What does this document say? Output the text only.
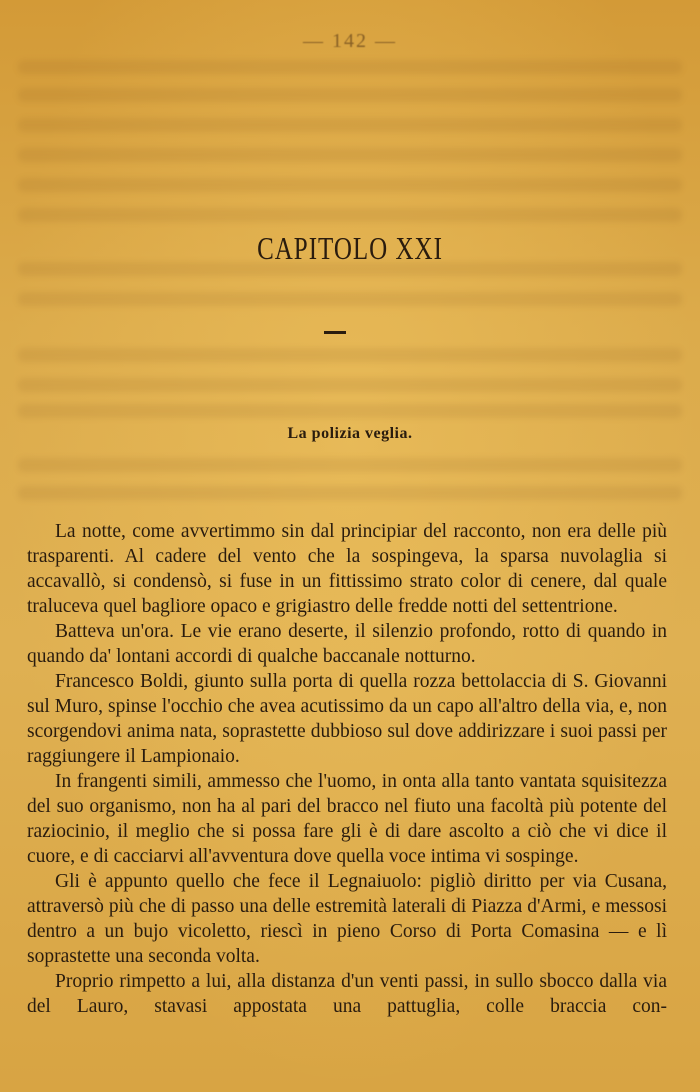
— 142 —
CAPITOLO XXI
La polizia veglia.

La notte, come avvertimmo sin dal principiar del racconto, non era delle più trasparenti. Al cadere del vento che la sospingeva, la sparsa nuvolaglia si accavallò, si condensò, si fuse in un fittissimo strato color di cenere, dal quale traluceva quel bagliore opaco e grigiastro delle fredde notti del settentrione.

Batteva un'ora. Le vie erano deserte, il silenzio profondo, rotto di quando in quando da' lontani accordi di qualche baccanale notturno.

Francesco Boldi, giunto sulla porta di quella rozza bettolaccia di S. Giovanni sul Muro, spinse l'occhio che avea acutissimo da un capo all'altro della via, e, non scorgendovi anima nata, soprastette dubbioso sul dove addirizzare i suoi passi per raggiungere il Lampionaio.

In frangenti simili, ammesso che l'uomo, in onta alla tanto vantata squisitezza del suo organismo, non ha al pari del bracco nel fiuto una facoltà più potente del raziocinio, il meglio che si possa fare gli è di dare ascolto a ciò che vi dice il cuore, e di cacciarvi all'avventura dove quella voce intima vi sospinge.

Gli è appunto quello che fece il Legnaiuolo: pigliò diritto per via Cusana, attraversò più che di passo una delle estremità laterali di Piazza d'Armi, e messosi dentro a un bujo vicoletto, riescì in pieno Corso di Porta Comasina — e lì soprastette una seconda volta.

Proprio rimpetto a lui, alla distanza d'un venti passi, in sullo sbocco dalla via del Lauro, stavasi appostata una pattuglia, colle braccia con-
